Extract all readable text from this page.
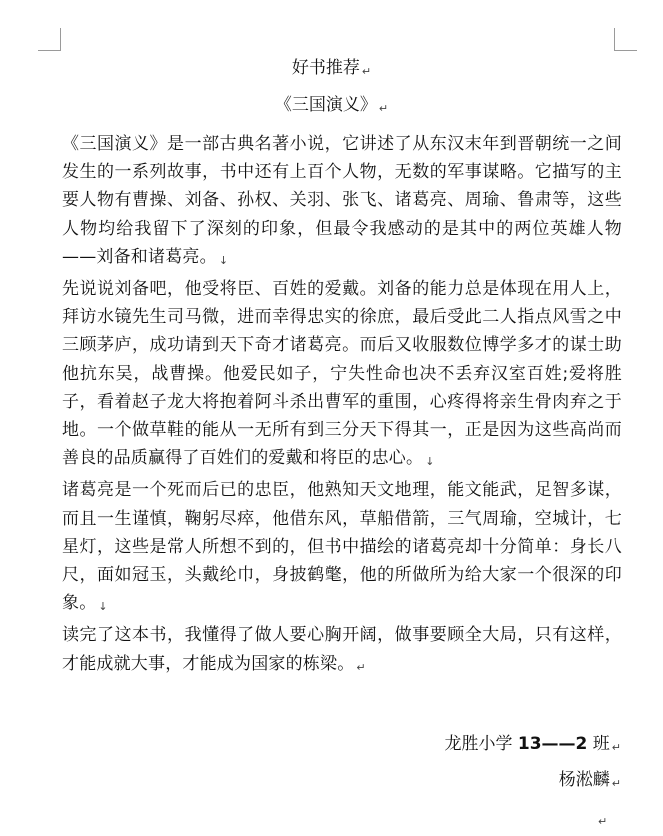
好书推荐 ↵
《三国演义》 ↵

《三国演义》是一部古典名著小说，它讲述了从东汉末年到晋朝统一之间发生的一系列故事，书中还有上百个人物，无数的军事谋略。它描写的主要人物有曹操、刘备、孙权、关羽、张飞、诸葛亮、周瑜、鲁肃等，这些人物均给我留下了深刻的印象，但最令我感动的是其中的两位英雄人物——刘备和诸葛亮。 ↓

先说说刘备吧，他受将臣、百姓的爱戴。刘备的能力总是体现在用人上，拜访水镜先生司马微，进而幸得忠实的徐庶，最后受此二人指点风雪之中三顾茅庐，成功请到天下奇才诸葛亮。而后又收服数位博学多才的谋士助他抗东吴，战曹操。他爱民如子，宁失性命也决不丢弃汉室百姓;爱将胜子，看着赵子龙大将抱着阿斗杀出曹军的重围，心疼得将亲生骨肉弃之于地。一个做草鞋的能从一无所有到三分天下得其一，正是因为这些高尚而善良的品质赢得了百姓们的爱戴和将臣的忠心。 ↓

诸葛亮是一个死而后已的忠臣，他熟知天文地理，能文能武，足智多谋，而且一生谨慎，鞠躬尽瘁，他借东风，草船借箭，三气周瑜，空城计，七星灯，这些是常人所想不到的，但书中描绘的诸葛亮却十分简单：身长八尺，面如冠玉，头戴纶巾，身披鹤氅，他的所做所为给大家一个很深的印象。 ↓

读完了这本书，我懂得了做人要心胸开阔，做事要顾全大局，只有这样，才能成就大事，才能成为国家的栋梁。 ↵

龙胜小学 13——2 班 ↵
杨淞麟 ↵
↵
